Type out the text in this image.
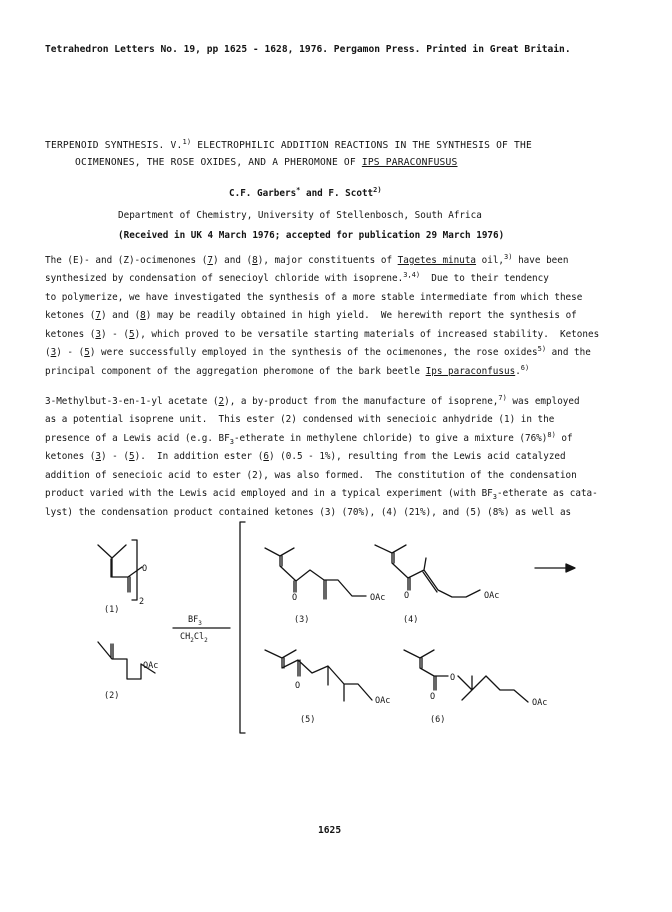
Tetrahedron Letters No. 19, pp 1625 - 1628, 1976. Pergamon Press. Printed in Great Britain.
TERPENOID SYNTHESIS. V.$^{1)}$ ELECTROPHILIC ADDITION REACTIONS IN THE SYNTHESIS OF THE
OCIMENONES, THE ROSE OXIDES, AND A PHEROMONE OF IPS PARACONFUSUS
C.F. Garbers* and F. Scott$^{2)}$
Department of Chemistry, University of Stellenbosch, South Africa
(Received in UK 4 March 1976; accepted for publication 29 March 1976)
The (E)- and (Z)-ocimenones (7) and (8), major constituents of Tagetes minuta oil,$^{3)}$ have been
synthesized by condensation of senecioyl chloride with isoprene.$^{3,4)}$  Due to their tendency
to polymerize, we have investigated the synthesis of a more stable intermediate from which these
ketones (7) and (8) may be readily obtained in high yield.  We herewith report the synthesis of
ketones (3) - (5), which proved to be versatile starting materials of increased stability.  Ketones
(3) - (5) were successfully employed in the synthesis of the ocimenones, the rose oxides$^{5)}$ and the
principal component of the aggregation pheromone of the bark beetle Ips paraconfusus.$^{6)}$
3-Methylbut-3-en-1-yl acetate (2), a by-product from the manufacture of isoprene,$^{7)}$ was employed
as a potential isoprene unit.  This ester (2) condensed with senecioic anhydride (1) in the
presence of a Lewis acid (e.g. $BF_3$-etherate in methylene chloride) to give a mixture $(76\%)^{8)}$ of
ketones (3) - (5).  In addition ester (6) (0.5 - 1%), resulting from the Lewis acid catalyzed
addition of senecioic acid to ester (2), was also formed.  The constitution of the condensation
product varied with the Lewis acid employed and in a typical experiment (with $BF_3$-etherate as cata-
lyst) the condensation product contained ketones (3) (70%), (4) (21%), and (5) (8%) as well as
O
2
(1)
OAc
(2)
$BF_3$
$CH_2Cl_2$
O	OAc
(3)
O	OAc
(4)
O
OAc
(5)
O
O
OAc
(6)
1625
